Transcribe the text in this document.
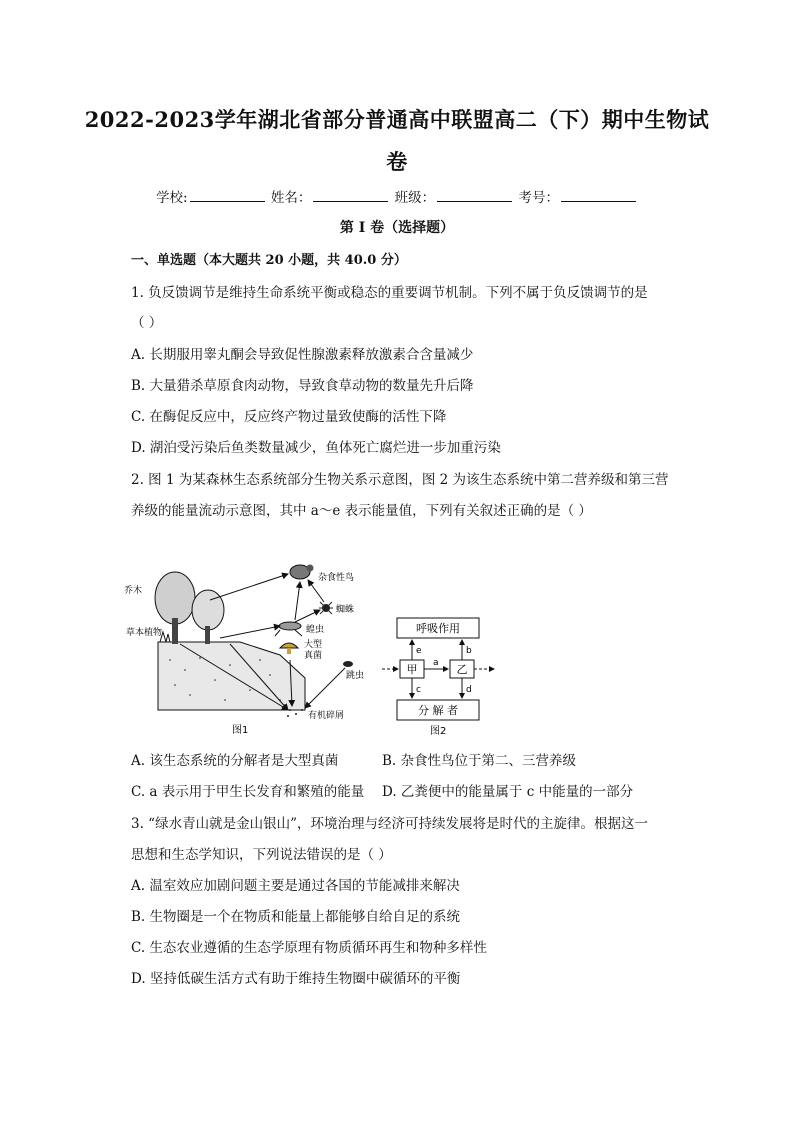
2022-2023学年湖北省部分普通高中联盟高二（下）期中生物试
卷
学校:	姓名：	班级：	考号：
第 I 卷（选择题）
一、单选题（本大题共 20 小题，共 40.0 分）
1. 负反馈调节是维持生命系统平衡或稳态的重要调节机制。下列不属于负反馈调节的是
（ ）
A. 长期服用睾丸酮会导致促性腺激素释放激素合含量减少
B. 大量猎杀草原食肉动物，导致食草动物的数量先升后降
C. 在酶促反应中，反应终产物过量致使酶的活性下降
D. 湖泊受污染后鱼类数量减少，鱼体死亡腐烂进一步加重污染
2. 图 1 为某森林生态系统部分生物关系示意图，图 2 为该生态系统中第二营养级和第三营
养级的能量流动示意图，其中 a～e 表示能量值，下列有关叙述正确的是（ ）
乔木
草本植物
杂食性鸟
蜘蛛
蝗虫
大型
真菌
跳虫
有机碎屑
图1
呼吸作用
甲	乙
分 解 者
a
b
c	d
e
图2
A. 该生态系统的分解者是大型真菌	B. 杂食性鸟位于第二、三营养级
C. a 表示用于甲生长发育和繁殖的能量 D. 乙粪便中的能量属于 c 中能量的一部分
3. “绿水青山就是金山银山”，环境治理与经济可持续发展将是时代的主旋律。根据这一
思想和生态学知识，下列说法错误的是（ ）
A. 温室效应加剧问题主要是通过各国的节能减排来解决
B. 生物圈是一个在物质和能量上都能够自给自足的系统
C. 生态农业遵循的生态学原理有物质循环再生和物种多样性
D. 坚持低碳生活方式有助于维持生物圈中碳循环的平衡
